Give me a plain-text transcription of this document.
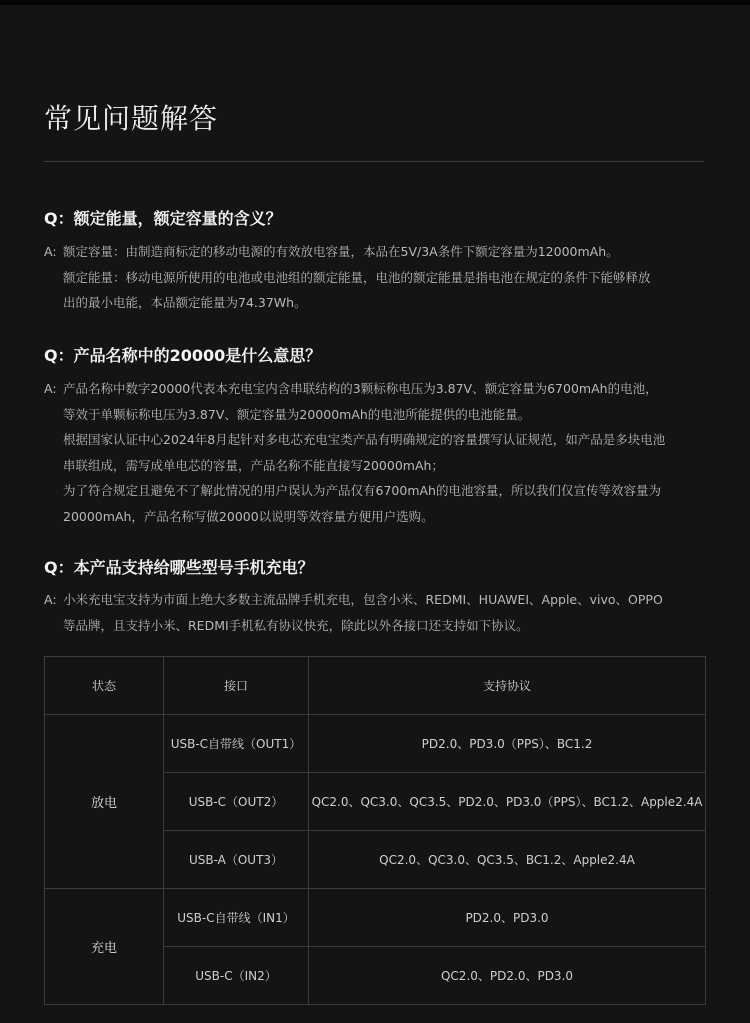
常见问题解答
Q：额定能量，额定容量的含义？
A: 额定容量：由制造商标定的移动电源的有效放电容量，本品在5V/3A条件下额定容量为12000mAh。
额定能量：移动电源所使用的电池或电池组的额定能量，电池的额定能量是指电池在规定的条件下能够释放
出的最小电能，本品额定能量为74.37Wh。
Q：产品名称中的20000是什么意思？
A: 产品名称中数字20000代表本充电宝内含串联结构的3颗标称电压为3.87V、额定容量为6700mAh的电池，
等效于单颗标称电压为3.87V、额定容量为20000mAh的电池所能提供的电池能量。
根据国家认证中心2024年8月起针对多电芯充电宝类产品有明确规定的容量撰写认证规范，如产品是多块电池
串联组成，需写成单电芯的容量，产品名称不能直接写20000mAh；
为了符合规定且避免不了解此情况的用户误认为产品仅有6700mAh的电池容量，所以我们仅宣传等效容量为
20000mAh，产品名称写做20000以说明等效容量方便用户选购。
Q：本产品支持给哪些型号手机充电？
A: 小米充电宝支持为市面上绝大多数主流品牌手机充电，包含小米、REDMI、HUAWEI、Apple、vivo、OPPO
等品牌，且支持小米、REDMI手机私有协议快充，除此以外各接口还支持如下协议。
状态	接口	支持协议
放电	USB-C自带线（OUT1）	PD2.0、PD3.0（PPS）、BC1.2
	USB-C（OUT2）	QC2.0、QC3.0、QC3.5、PD2.0、PD3.0（PPS）、BC1.2、Apple2.4A
	USB-A（OUT3）	QC2.0、QC3.0、QC3.5、BC1.2、Apple2.4A
充电	USB-C自带线（IN1）	PD2.0、PD3.0
	USB-C（IN2）	QC2.0、PD2.0、PD3.0
